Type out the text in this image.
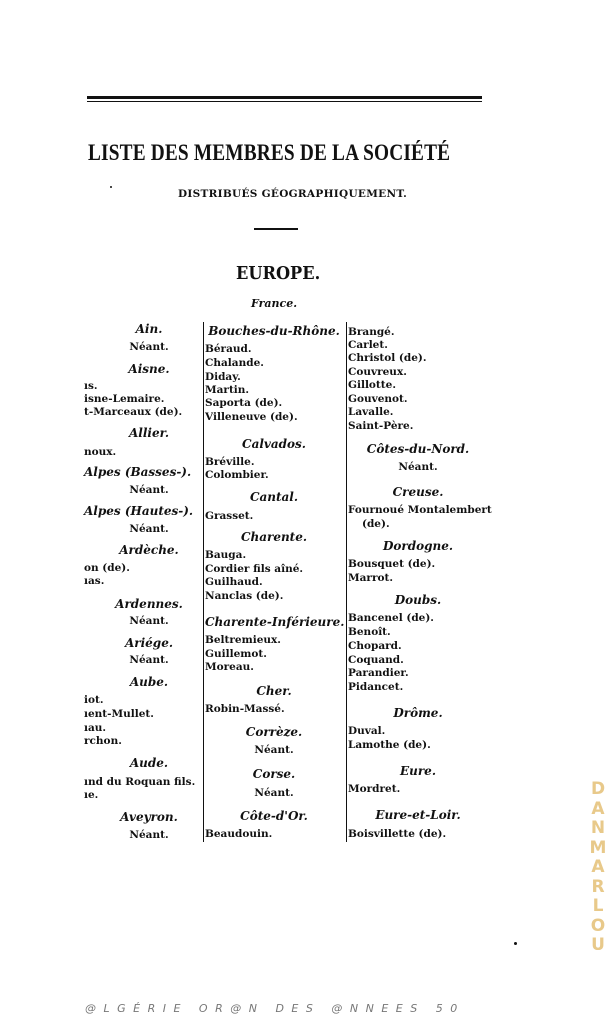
LISTE DES MEMBRES DE LA SOCIÉTÉ
DISTRIBUÉS GÉOGRAPHIQUEMENT.
EUROPE.
France.
Ain.
Néant.
Aisne.
ıs.
isne-Lemaire.
t-Marceaux (de).
Allier.
noux.
Alpes (Basses-).
Néant.
Alpes (Hautes-).
Néant.
Ardèche.
on (de).
ıas.
Ardennes.
Néant.
Ariége.
Néant.
Aube.
iot.
ıent-Mullet.
ıau.
rchon.
Aude.
ınd du Roquan fils.
ıe.
Aveyron.
Néant.
Bouches-du-Rhône.
Béraud.
Chalande.
Diday.
Martin.
Saporta (de).
Villeneuve (de).
Calvados.
Bréville.
Colombier.
Cantal.
Grasset.
Charente.
Bauga.
Cordier fils aîné.
Guilhaud.
Nanclas (de).
Charente-Inférieure.
Beltremieux.
Guillemot.
Moreau.
Cher.
Robin-Massé.
Corrèze.
Néant.
Corse.
Néant.
Côte-d'Or.
Beaudouin.
Brangé.
Carlet.
Christol (de).
Couvreux.
Gillotte.
Gouvenot.
Lavalle.
Saint-Père.
Côtes-du-Nord.
Néant.
Creuse.
Fournoué Montalembert
(de).
Dordogne.
Bousquet (de).
Marrot.
Doubs.
Bancenel (de).
Benoît.
Chopard.
Coquand.
Parandier.
Pidancet.
Drôme.
Duval.
Lamothe (de).
Eure.
Mordret.
Eure-et-Loir.
Boisvillette (de).
@LGÉRIE OR@N DES @NNEES 50
D
A
N
M
A
R
L
O
U
